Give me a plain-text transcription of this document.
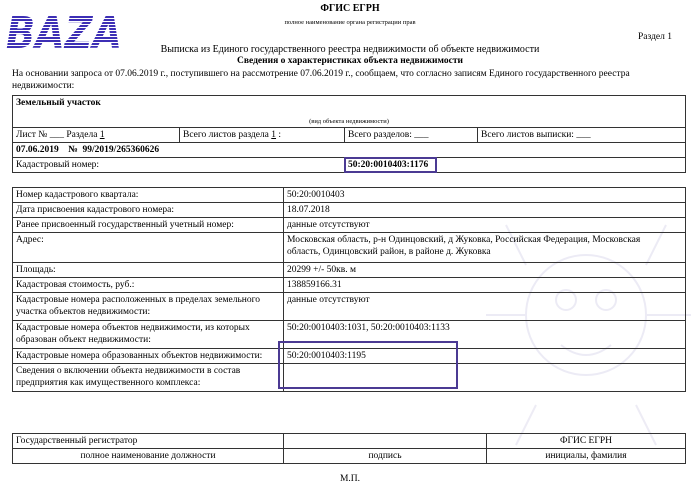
BAZA	ФГИС ЕГРН
полное наименование органа регистрации прав
Раздел 1
Выписка из Единого государственного реестра недвижимости об объекте недвижимости
Сведения о характеристиках объекта недвижимости
На основании запроса от 07.06.2019 г., поступившего на рассмотрение 07.06.2019 г., сообщаем, что согласно записям Единого государственного реестра
недвижимости:
Земельный участок
(вид объекта недвижимости)			

Лист № ___ Раздела 1	Всего листов раздела 1 :	Всего разделов: ___	Всего листов выписки: ___
07.06.2019 № 99/2019/265360626			
Кадастровый номер:		50:20:0010403:1176	
Номер кадастрового квартала:	50:20:0010403
Дата присвоения кадастрового номера:	18.07.2018
Ранее присвоенный государственный учетный номер:	данные отсутствуют
Адрес:	Московская область, р-н Одинцовский, д Жуковка, Российская Федерация, Московская
область, Одинцовский район, в районе д. Жуковка

Площадь:	20299 +/- 50кв. м
Кадастровая стоимость, руб.:	138859166.31

Кадастровые номера расположенных в пределах земельного
участка объектов недвижимости:	данные отсутствуют

Кадастровые номера объектов недвижимости, из которых
образован объект недвижимости:	50:20:0010403:1031, 50:20:0010403:1133
Кадастровые номера образованных объектов недвижимости:	50:20:0010403:1195

Сведения о включении объекта недвижимости в состав
предприятия как имущественного комплекса:	

Государственный регистратор		ФГИС ЕГРН
полное наименование должности	подпись	инициалы, фамилия
М.П.
